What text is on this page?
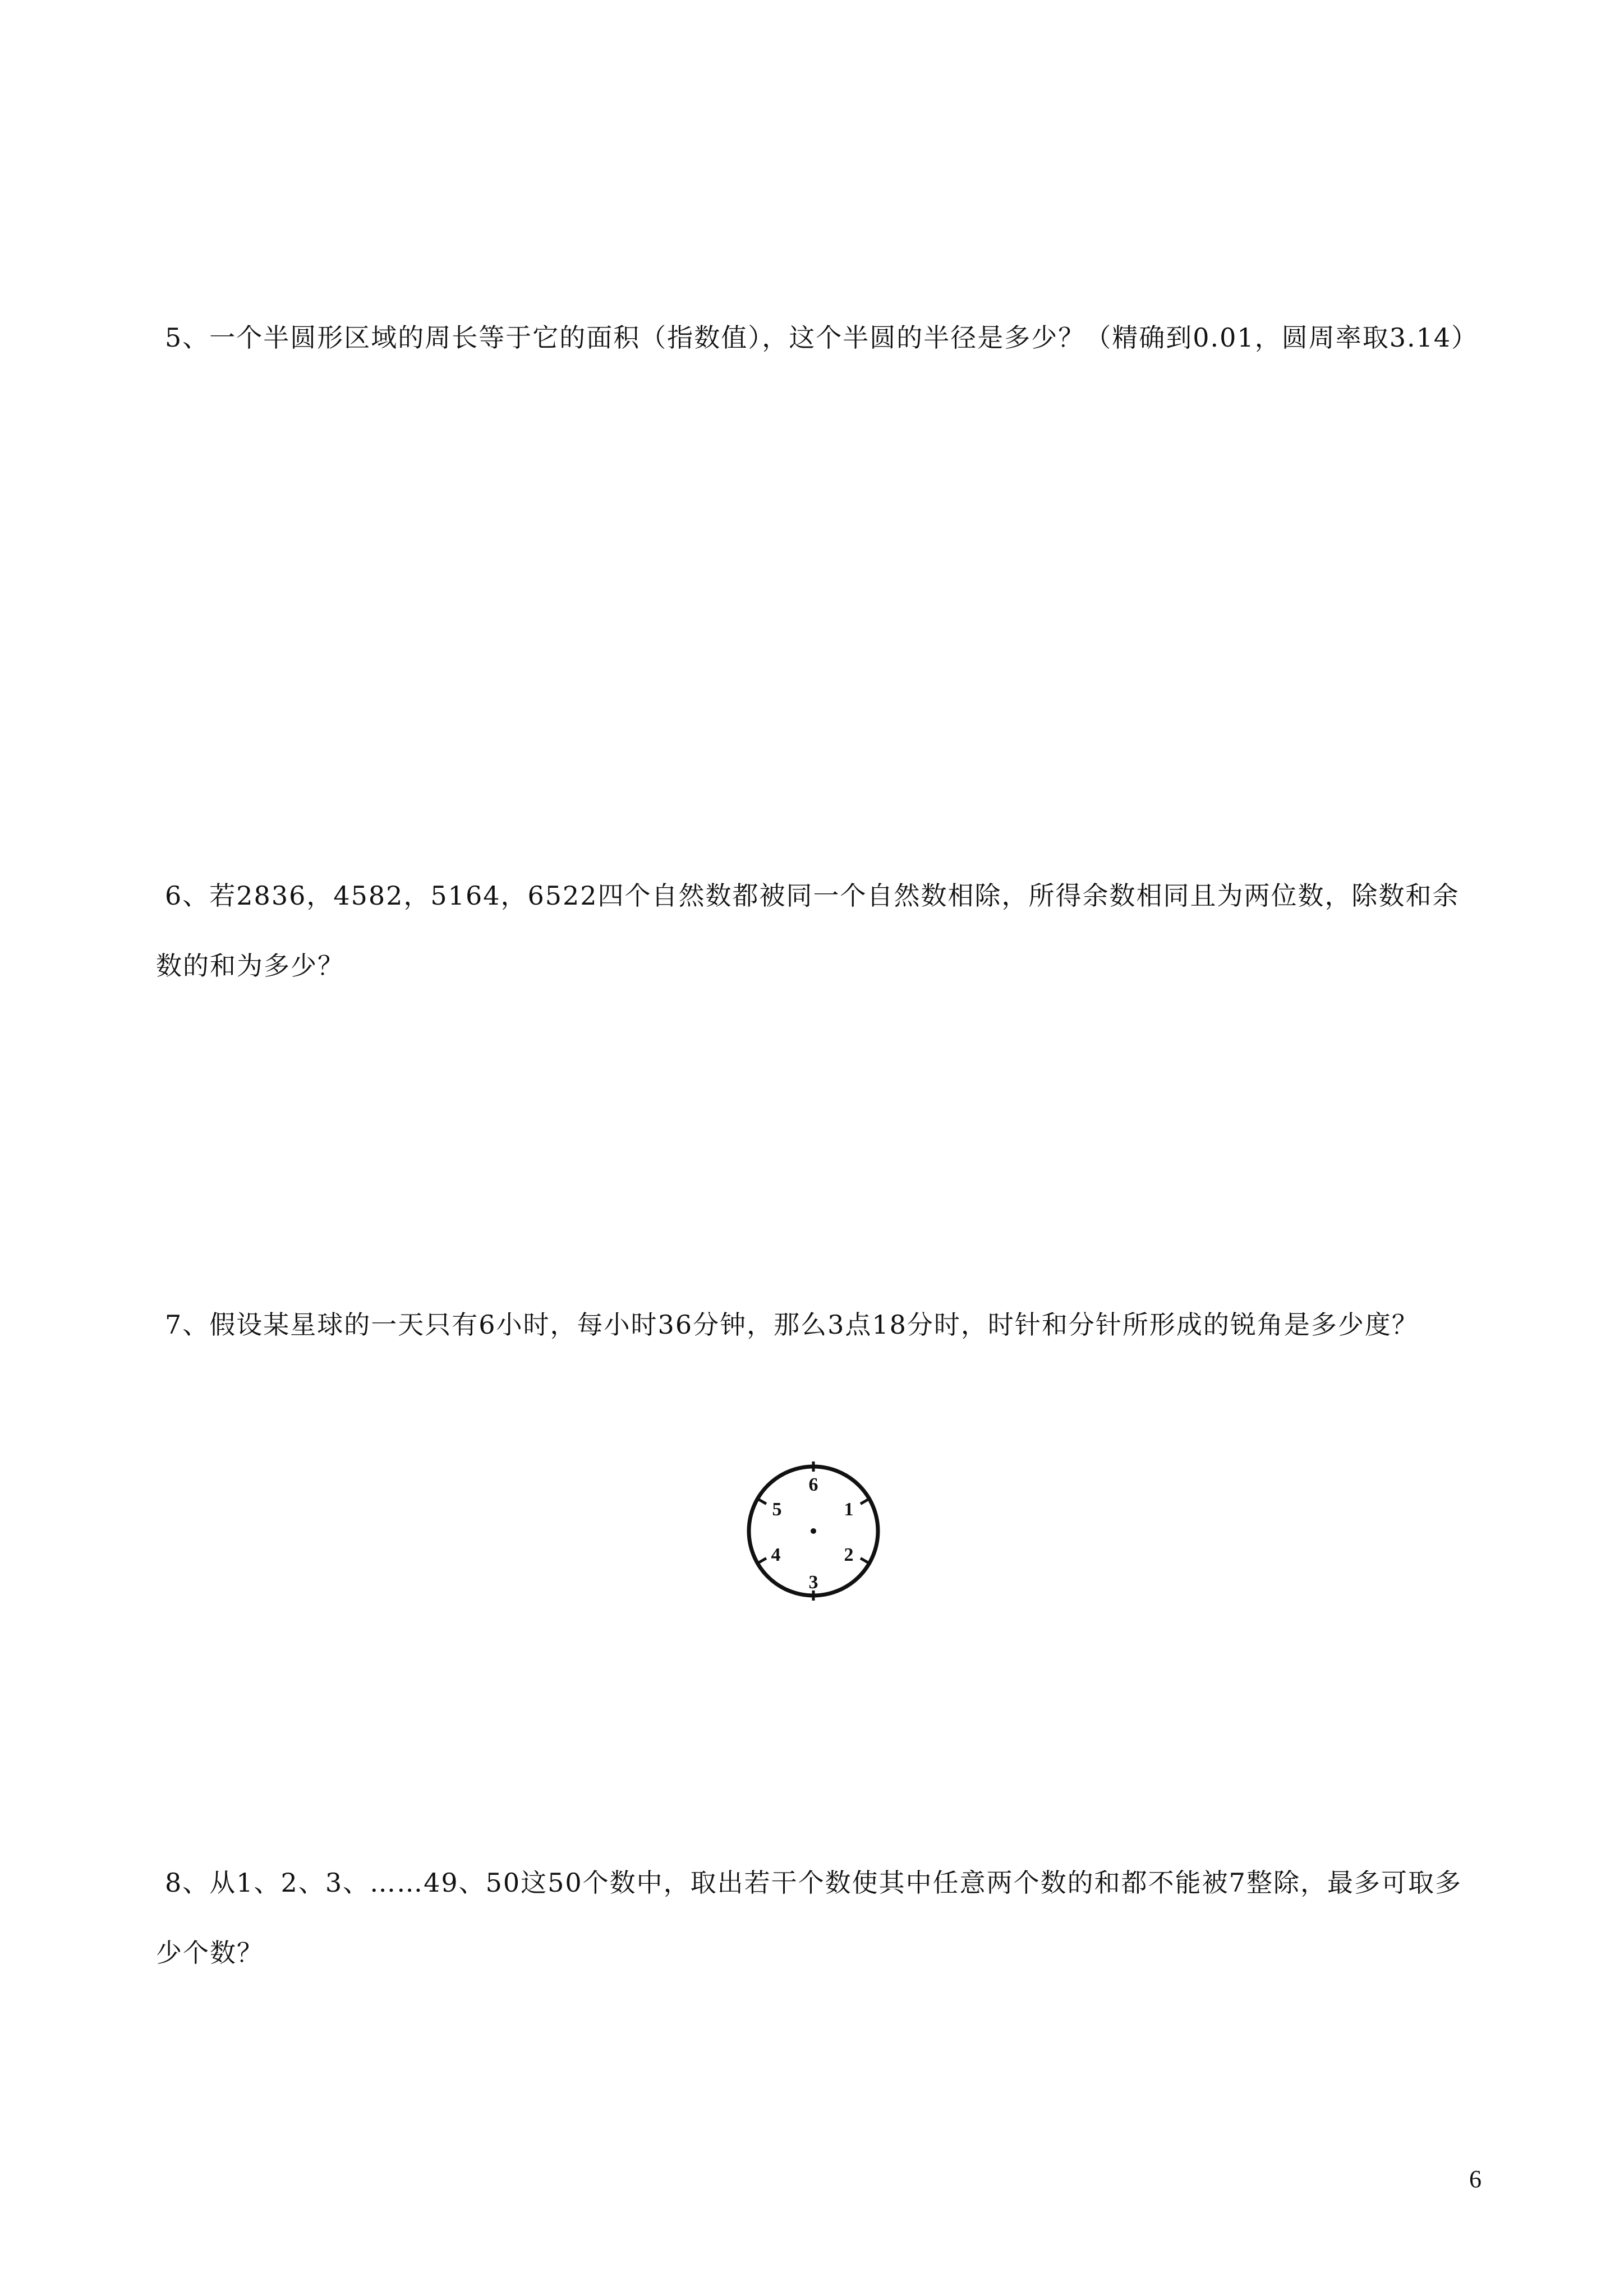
5、一个半圆形区域的周长等于它的面积（指数值），这个半圆的半径是多少？（精确到0.01，圆周率取3.14）

6、若2836，4582，5164，6522四个自然数都被同一个自然数相除，所得余数相同且为两位数，除数和余数的和为多少？

7、假设某星球的一天只有6小时，每小时36分钟，那么3点18分时，时针和分针所形成的锐角是多少度？

6
1
2
3
4
5

8、从1、2、3、……49、50这50个数中，取出若干个数使其中任意两个数的和都不能被7整除，最多可取多少个数？

6
